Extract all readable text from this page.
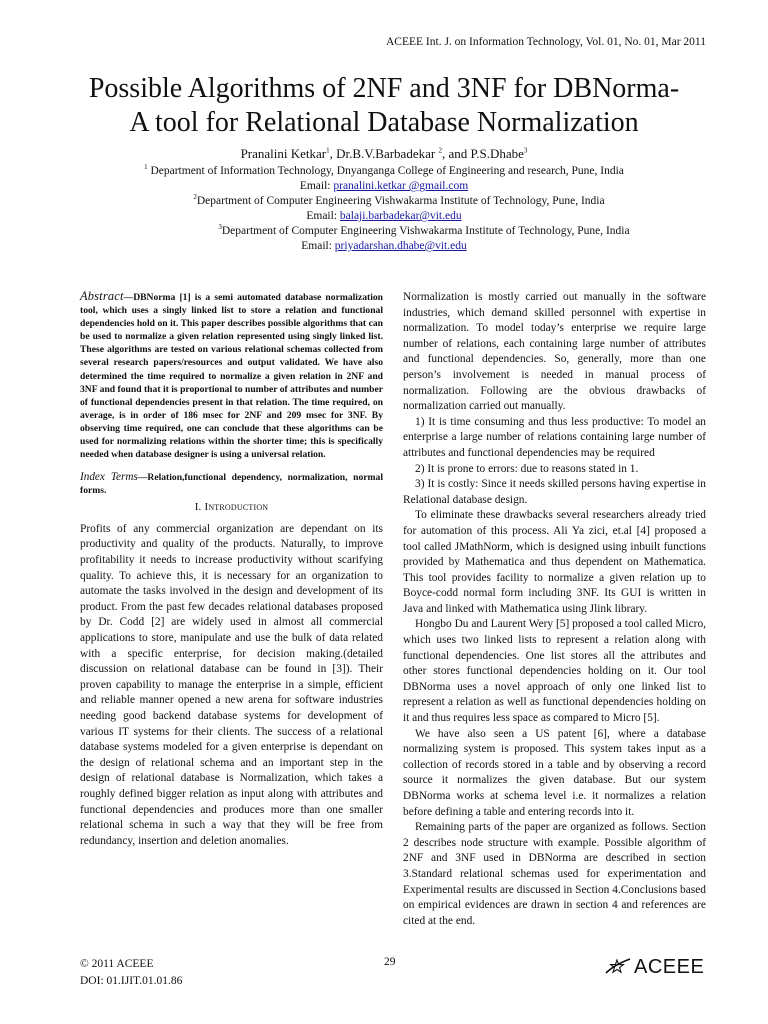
ACEEE Int. J. on Information Technology, Vol. 01, No. 01, Mar 2011
Possible Algorithms of 2NF and 3NF for DBNorma-
A tool for Relational Database Normalization
Pranalini Ketkar$^1$, Dr.B.V.Barbadekar $^2$, and P.S.Dhabe$^3$
$^1$ Department of Information Technology, Dnyanganga College of Engineering and research, Pune, India
Email: pranalini.ketkar @gmail.com
$^2$Department of Computer Engineering Vishwakarma Institute of Technology, Pune, India
Email: balaji.barbadekar@vit.edu
$^3$Department of Computer Engineering Vishwakarma Institute of Technology, Pune, India
Email: priyadarshan.dhabe@vit.edu

Abstract—DBNorma [1] is a semi automated database normalization tool, which uses a singly linked list to store a relation and functional dependencies hold on it. This paper describes possible algorithms that can be used to normalize a given relation represented using singly linked list. These algorithms are tested on various relational schemas collected from several research papers/resources and output validated. We have also determined the time required to normalize a given relation in 2NF and 3NF and found that it is proportional to number of attributes and number of functional dependencies present in that relation. The time required, on average, is in order of 186 msec for 2NF and 209 msec for 3NF. By observing time required, one can conclude that these algorithms can be used for normalizing relations within the shorter time; this is specifically needed when database designer is using a universal relation.

Index Terms—Relation,functional dependency, normalization, normal forms.

I. Introduction

Profits of any commercial organization are dependant on its productivity and quality of the products. Naturally, to improve profitability it needs to increase productivity without scarifying quality. To achieve this, it is necessary for an organization to automate the tasks involved in the design and development of its product. From the past few decades relational databases proposed by Dr. Codd [2] are widely used in almost all commercial applications to store, manipulate and use the bulk of data related with a specific enterprise, for decision making.(detailed discussion on relational database can be found in [3]). Their proven capability to manage the enterprise in a simple, efficient and reliable manner opened a new arena for software industries needing good backend database systems for development of various IT systems for their clients. The success of a relational database systems modeled for a given enterprise is dependant on the design of relational schema and an important step in the design of relational database is Normalization, which takes a roughly defined bigger relation as input along with attributes and functional dependencies and produces more than one smaller relational schema in such a way that they will be free from redundancy, insertion and deletion anomalies.

Normalization is mostly carried out manually in the software industries, which demand skilled personnel with expertise in normalization. To model today’s enterprise we require large number of relations, each containing large number of attributes and functional dependencies. So, generally, more than one person’s involvement is needed in manual process of normalization. Following are the obvious drawbacks of normalization carried out manually.

1) It is time consuming and thus less productive: To model an enterprise a large number of relations containing large number of attributes and functional dependencies may be required

2) It is prone to errors: due to reasons stated in 1.

3) It is costly: Since it needs skilled persons having expertise in Relational database design.

To eliminate these drawbacks several researchers already tried for automation of this process. Ali Ya zici, et.al [4] proposed a tool called JMathNorm, which is designed using inbuilt functions provided by Mathematica and thus dependent on Mathematica. This tool provides facility to normalize a given relation up to Boyce-codd normal form including 3NF. Its GUI is written in Java and linked with Mathematica using Jlink library.

Hongbo Du and Laurent Wery [5] proposed a tool called Micro, which uses two linked lists to represent a relation along with functional dependencies. One list stores all the attributes and other stores functional dependencies holding on it. Our tool DBNorma uses a novel approach of only one linked list to represent a relation as well as functional dependencies holding on it and thus requires less space as compared to Micro [5].

We have also seen a US patent [6], where a database normalizing system is proposed. This system takes input as a collection of records stored in a table and by observing a record source it normalizes the given database. But our system DBNorma works at schema level i.e. it normalizes a relation before defining a table and entering records into it.

Remaining parts of the paper are organized as follows. Section 2 describes node structure with example. Possible algorithm of 2NF and 3NF used in DBNorma are described in section 3.Standard relational schemas used for experimentation and Experimental results are discussed in Section 4.Conclusions based on empirical evidences are drawn in section 4 and references are cited at the end.

© 2011 ACEEE
DOI: 01.IJIT.01.01.86
29	ACEEE
